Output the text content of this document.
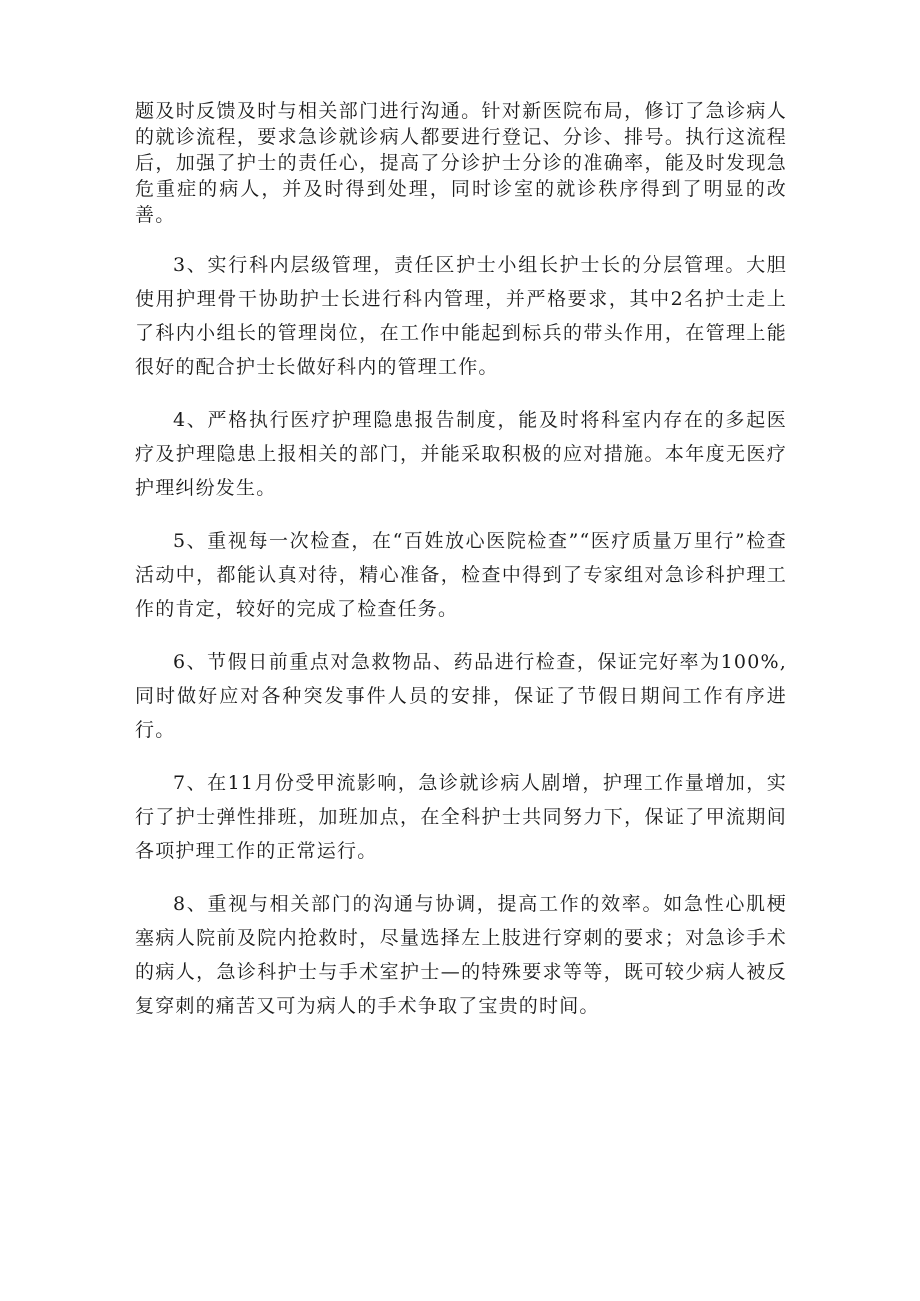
题及时反馈及时与相关部门进行沟通。针对新医院布局，修订了急诊病人的就诊流程，要求急诊就诊病人都要进行登记、分诊、排号。执行这流程后，加强了护士的责任心，提高了分诊护士分诊的准确率，能及时发现急危重症的病人，并及时得到处理，同时诊室的就诊秩序得到了明显的改善。

3、实行科内层级管理，责任区护士小组长护士长的分层管理。大胆使用护理骨干协助护士长进行科内管理，并严格要求，其中2名护士走上了科内小组长的管理岗位，在工作中能起到标兵的带头作用，在管理上能很好的配合护士长做好科内的管理工作。

4、严格执行医疗护理隐患报告制度，能及时将科室内存在的多起医疗及护理隐患上报相关的部门，并能采取积极的应对措施。本年度无医疗护理纠纷发生。

5、重视每一次检查，在“百姓放心医院检查”“医疗质量万里行”检查活动中，都能认真对待，精心准备，检查中得到了专家组对急诊科护理工作的肯定，较好的完成了检查任务。

6、节假日前重点对急救物品、药品进行检查，保证完好率为100%,同时做好应对各种突发事件人员的安排，保证了节假日期间工作有序进行。

7、在11月份受甲流影响，急诊就诊病人剧增，护理工作量增加，实行了护士弹性排班，加班加点，在全科护士共同努力下，保证了甲流期间各项护理工作的正常运行。

8、重视与相关部门的沟通与协调，提高工作的效率。如急性心肌梗塞病人院前及院内抢救时，尽量选择左上肢进行穿刺的要求；对急诊手术的病人，急诊科护士与手术室护士—的特殊要求等等，既可较少病人被反复穿刺的痛苦又可为病人的手术争取了宝贵的时间。
